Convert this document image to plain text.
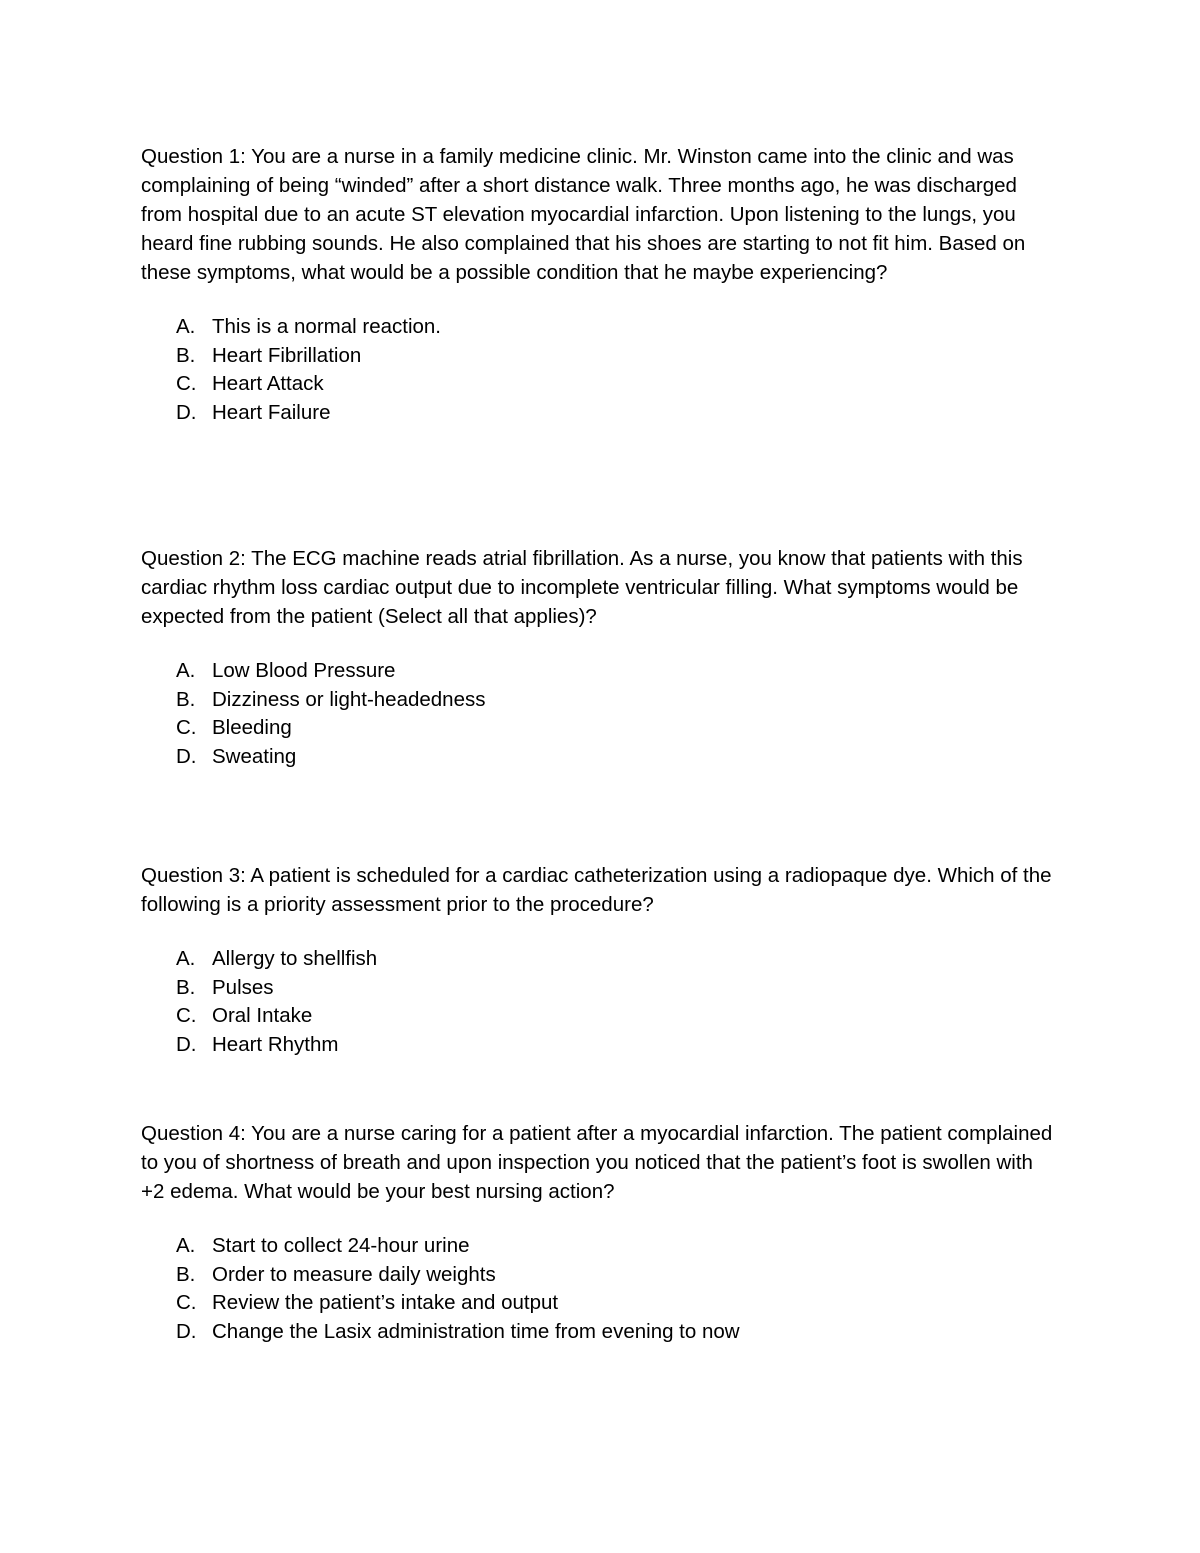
Question 1: You are a nurse in a family medicine clinic. Mr. Winston came into the clinic and was complaining of being “winded” after a short distance walk. Three months ago, he was discharged from hospital due to an acute ST elevation myocardial infarction. Upon listening to the lungs, you heard fine rubbing sounds. He also complained that his shoes are starting to not fit him. Based on these symptoms, what would be a possible condition that he maybe experiencing?

A. This is a normal reaction.
B. Heart Fibrillation
C. Heart Attack
D. Heart Failure

Question 2: The ECG machine reads atrial fibrillation. As a nurse, you know that patients with this cardiac rhythm loss cardiac output due to incomplete ventricular filling. What symptoms would be expected from the patient (Select all that applies)?

A. Low Blood Pressure
B. Dizziness or light-headedness
C. Bleeding
D. Sweating

Question 3: A patient is scheduled for a cardiac catheterization using a radiopaque dye. Which of the following is a priority assessment prior to the procedure?

A. Allergy to shellfish
B. Pulses
C. Oral Intake
D. Heart Rhythm

Question 4: You are a nurse caring for a patient after a myocardial infarction. The patient complained to you of shortness of breath and upon inspection you noticed that the patient’s foot is swollen with +2 edema. What would be your best nursing action?

A. Start to collect 24-hour urine
B. Order to measure daily weights
C. Review the patient’s intake and output
D. Change the Lasix administration time from evening to now
